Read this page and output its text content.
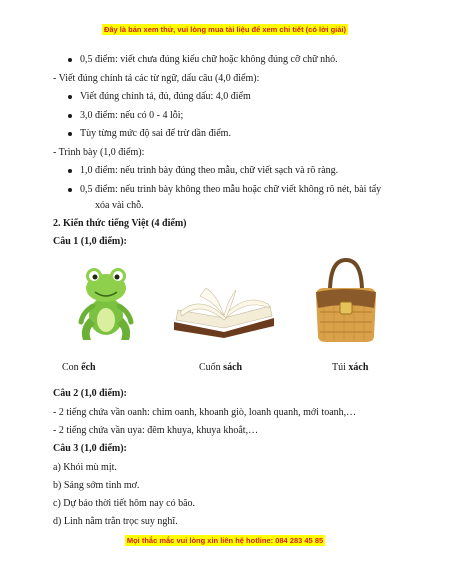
Đây là bản xem thử, vui lòng mua tài liệu để xem chi tiết (có lời giải)
0,5 điểm: viết chưa đúng kiểu chữ hoặc không đúng cỡ chữ nhỏ.
- Viết đúng chính tả các từ ngữ, dấu câu (4,0 điểm):
Viết đúng chính tả, đủ, đúng dấu: 4,0 điểm
3,0 điểm: nếu có 0 - 4 lỗi;
Tùy từng mức độ sai để trừ dần điểm.
- Trình bày (1,0 điểm):
1,0 điểm: nếu trình bày đúng theo mẫu, chữ viết sạch và rõ ràng.
0,5 điểm: nếu trình bày không theo mẫu hoặc chữ viết không rõ nét, bài tẩy
xóa vài chỗ.
2. Kiến thức tiếng Việt (4 điểm)
Câu 1 (1,0 điểm):
Con ếch	Cuốn sách	Túi xách
Câu 2 (1,0 điểm):
- 2 tiếng chứa vần oanh: chim oanh, khoanh giò, loanh quanh, mới toanh,…
- 2 tiếng chứa vần uya: đêm khuya, khuya khoắt,…
Câu 3 (1,0 điểm):
a) Khói mù mịt.
b) Sáng sớm tinh mơ.
c) Dự báo thời tiết hôm nay có bão.
d) Linh nằm trằn trọc suy nghĩ.
Mọi thắc mắc vui lòng xin liên hệ hotline: 084 283 45 85
